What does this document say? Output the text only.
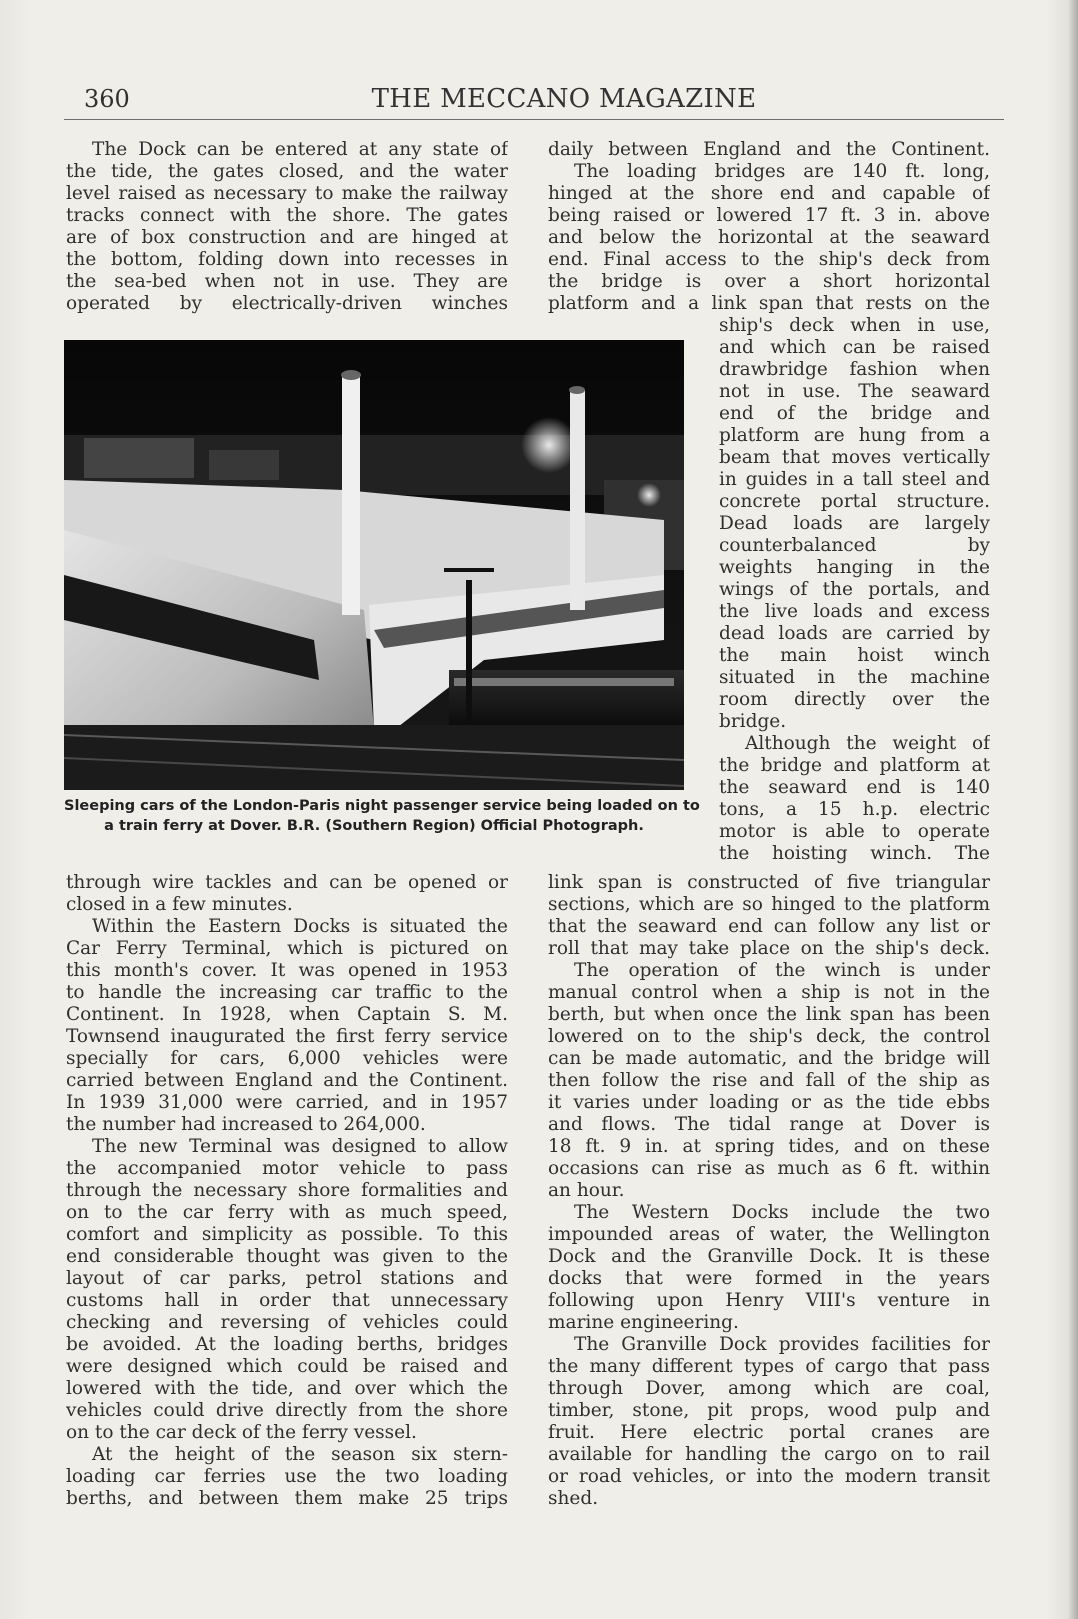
360	THE MECCANO MAGAZINE
The Dock can be entered at any state of
the tide, the gates closed, and the water
level raised as necessary to make the railway
tracks connect with the shore. The gates
are of box construction and are hinged at
the bottom, folding down into recesses in
the sea-bed when not in use. They are
operated by electrically-driven winches
daily between England and the Continent.
The loading bridges are 140 ft. long,
hinged at the shore end and capable of
being raised or lowered 17 ft. 3 in. above
and below the horizontal at the seaward
end. Final access to the ship's deck from
the bridge is over a short horizontal
platform and a link span that rests on the
Sleeping cars of the London-Paris night passenger service being loaded on to
a train ferry at Dover. B.R. (Southern Region) Official Photograph.
ship's deck when in use,
and which can be raised
drawbridge fashion when
not in use. The seaward
end of the bridge and
platform are hung from a
beam that moves vertically
in guides in a tall steel and
concrete portal structure.
Dead loads are largely
counterbalanced by
weights hanging in the
wings of the portals, and
the live loads and excess
dead loads are carried by
the main hoist winch
situated in the machine
room directly over the
bridge.
Although the weight of
the bridge and platform at
the seaward end is 140
tons, a 15 h.p. electric
motor is able to operate
the hoisting winch. The
through wire tackles and can be opened or
closed in a few minutes.
Within the Eastern Docks is situated the
Car Ferry Terminal, which is pictured on
this month's cover. It was opened in 1953
to handle the increasing car traffic to the
Continent. In 1928, when Captain S. M.
Townsend inaugurated the first ferry service
specially for cars, 6,000 vehicles were
carried between England and the Continent.
In 1939 31,000 were carried, and in 1957
the number had increased to 264,000.
The new Terminal was designed to allow
the accompanied motor vehicle to pass
through the necessary shore formalities and
on to the car ferry with as much speed,
comfort and simplicity as possible. To this
end considerable thought was given to the
layout of car parks, petrol stations and
customs hall in order that unnecessary
checking and reversing of vehicles could
be avoided. At the loading berths, bridges
were designed which could be raised and
lowered with the tide, and over which the
vehicles could drive directly from the shore
on to the car deck of the ferry vessel.
At the height of the season six stern-
loading car ferries use the two loading
berths, and between them make 25 trips
link span is constructed of five triangular
sections, which are so hinged to the platform
that the seaward end can follow any list or
roll that may take place on the ship's deck.
The operation of the winch is under
manual control when a ship is not in the
berth, but when once the link span has been
lowered on to the ship's deck, the control
can be made automatic, and the bridge will
then follow the rise and fall of the ship as
it varies under loading or as the tide ebbs
and flows. The tidal range at Dover is
18 ft. 9 in. at spring tides, and on these
occasions can rise as much as 6 ft. within
an hour.
The Western Docks include the two
impounded areas of water, the Wellington
Dock and the Granville Dock. It is these
docks that were formed in the years
following upon Henry VIII's venture in
marine engineering.
The Granville Dock provides facilities for
the many different types of cargo that pass
through Dover, among which are coal,
timber, stone, pit props, wood pulp and
fruit. Here electric portal cranes are
available for handling the cargo on to rail
or road vehicles, or into the modern transit
shed.
